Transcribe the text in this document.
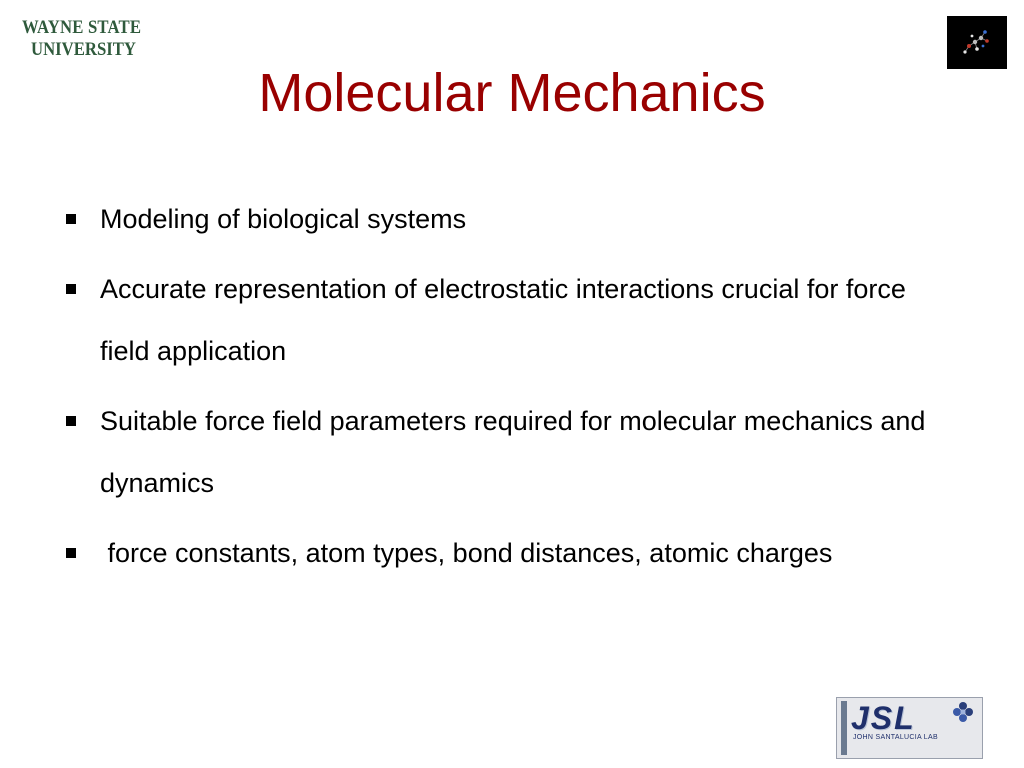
WAYNE STATE
UNIVERSITY
Molecular Mechanics
Modeling of biological systems
Accurate representation of electrostatic interactions crucial for force field application
Suitable force field parameters required for molecular mechanics and dynamics
force constants, atom types, bond distances, atomic charges
JSL
JOHN SANTALUCIA LAB
